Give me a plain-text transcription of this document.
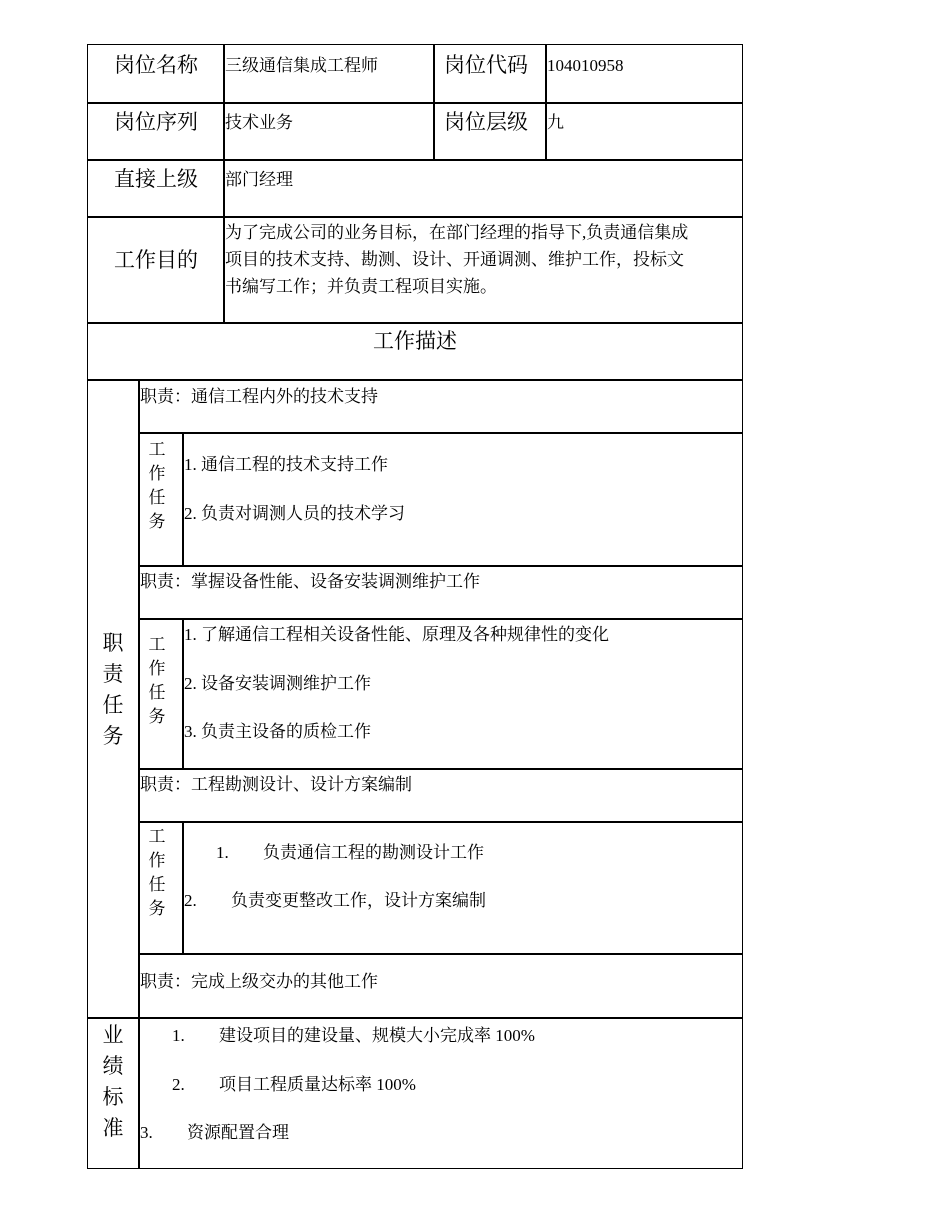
岗位名称 三级通信集成工程师	岗位代码 104010958
岗位序列 技术业务	岗位层级 九
直接上级 部门经理
工作目的
为了完成公司的业务目标，在部门经理的指导下,负责通信集成
项目的技术支持、勘测、设计、开通调测、维护工作，投标文
书编写工作；并负责工程项目实施。
工作描述
职
责
任
务
职责：通信工程内外的技术支持
工
作
任
务
1. 通信工程的技术支持工作
2. 负责对调测人员的技术学习
职责：掌握设备性能、设备安装调测维护工作
工
作
任
务
1. 了解通信工程相关设备性能、原理及各种规律性的变化
2. 设备安装调测维护工作
3. 负责主设备的质检工作
职责：工程勘测设计、设计方案编制
工
作
任
务
1. 负责通信工程的勘测设计工作
2. 负责变更整改工作，设计方案编制
职责：完成上级交办的其他工作
业
绩
标
准
1. 建设项目的建设量、规模大小完成率 100%
2. 项目工程质量达标率 100%
3. 资源配置合理
